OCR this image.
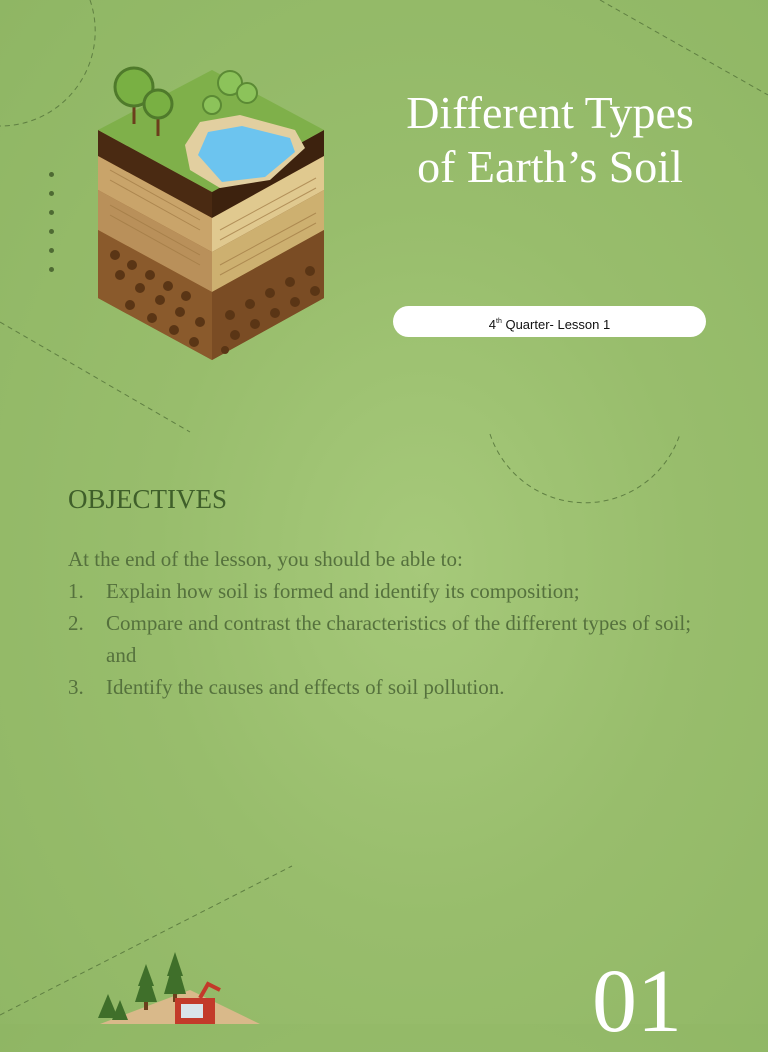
Different Types
of Earth’s Soil
4th Quarter- Lesson 1
OBJECTIVES
At the end of the lesson, you should be able to:
1.	Explain how soil is formed and identify its composition;
2.	Compare and contrast the characteristics of the different types of soil; and
3.	Identify the causes and effects of soil pollution.
01
